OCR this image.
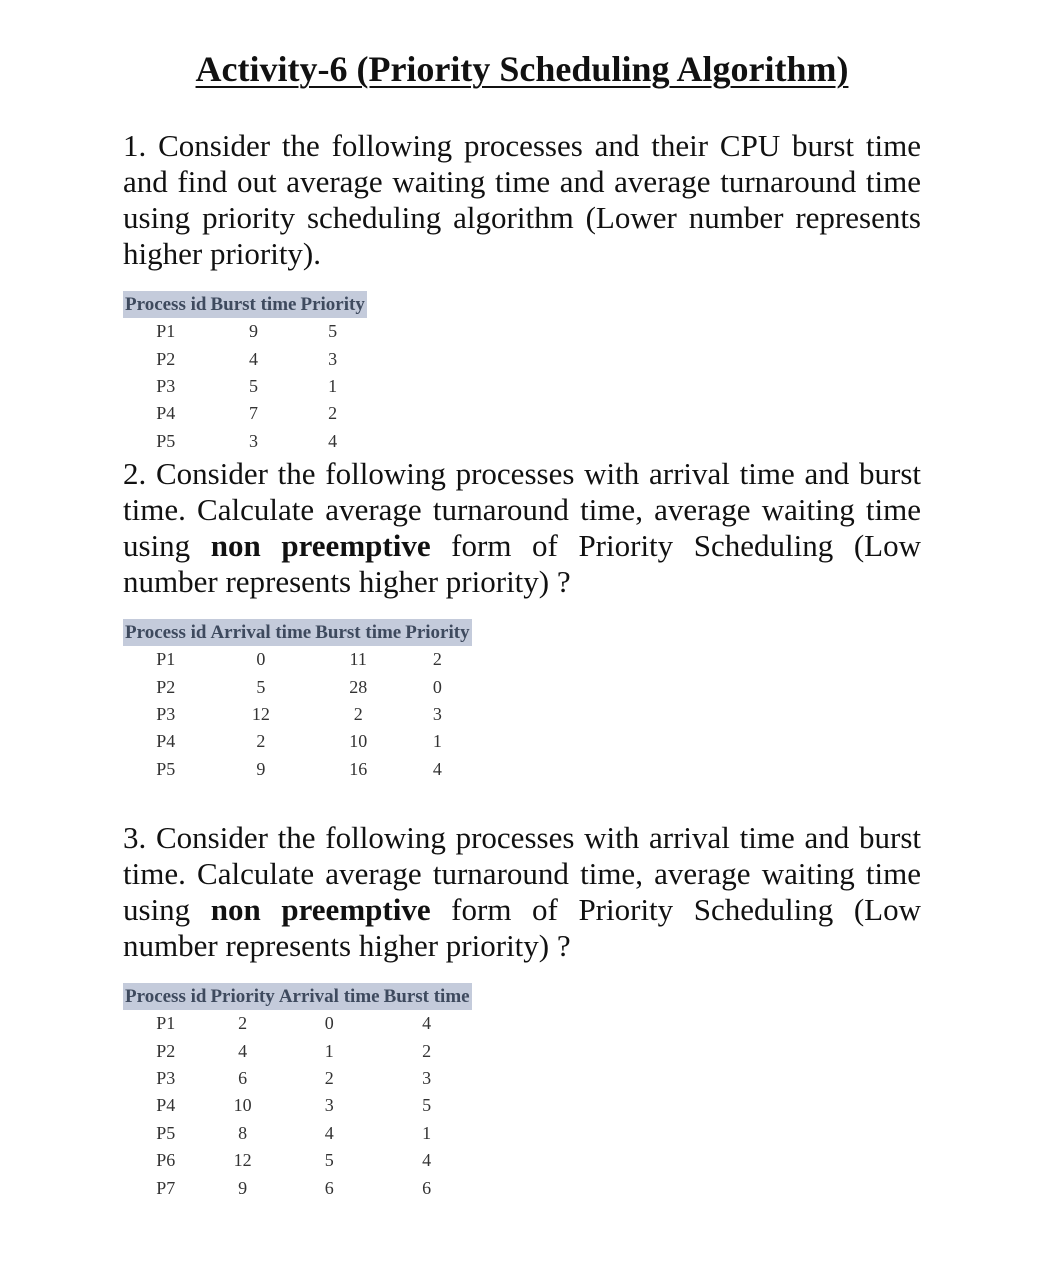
Activity-6 (Priority Scheduling Algorithm)

1. Consider the following processes and their CPU burst time and find out average waiting time and average turnaround time using priority scheduling algorithm (Lower number represents higher priority).

Process id	Burst time	Priority
P1	9	5
P2	4	3
P3	5	1
P4	7	2
P5	3	4

2. Consider the following processes with arrival time and burst time. Calculate average turnaround time, average waiting time using non preemptive form of Priority Scheduling (Low number represents higher priority) ?

Process id	Arrival time	Burst time	Priority
P1	0	11	2
P2	5	28	0
P3	12	2	3
P4	2	10	1
P5	9	16	4

3. Consider the following processes with arrival time and burst time. Calculate average turnaround time, average waiting time using non preemptive form of Priority Scheduling (Low number represents higher priority) ?

Process id	Priority	Arrival time	Burst time
P1	2	0	4
P2	4	1	2
P3	6	2	3
P4	10	3	5
P5	8	4	1
P6	12	5	4
P7	9	6	6
